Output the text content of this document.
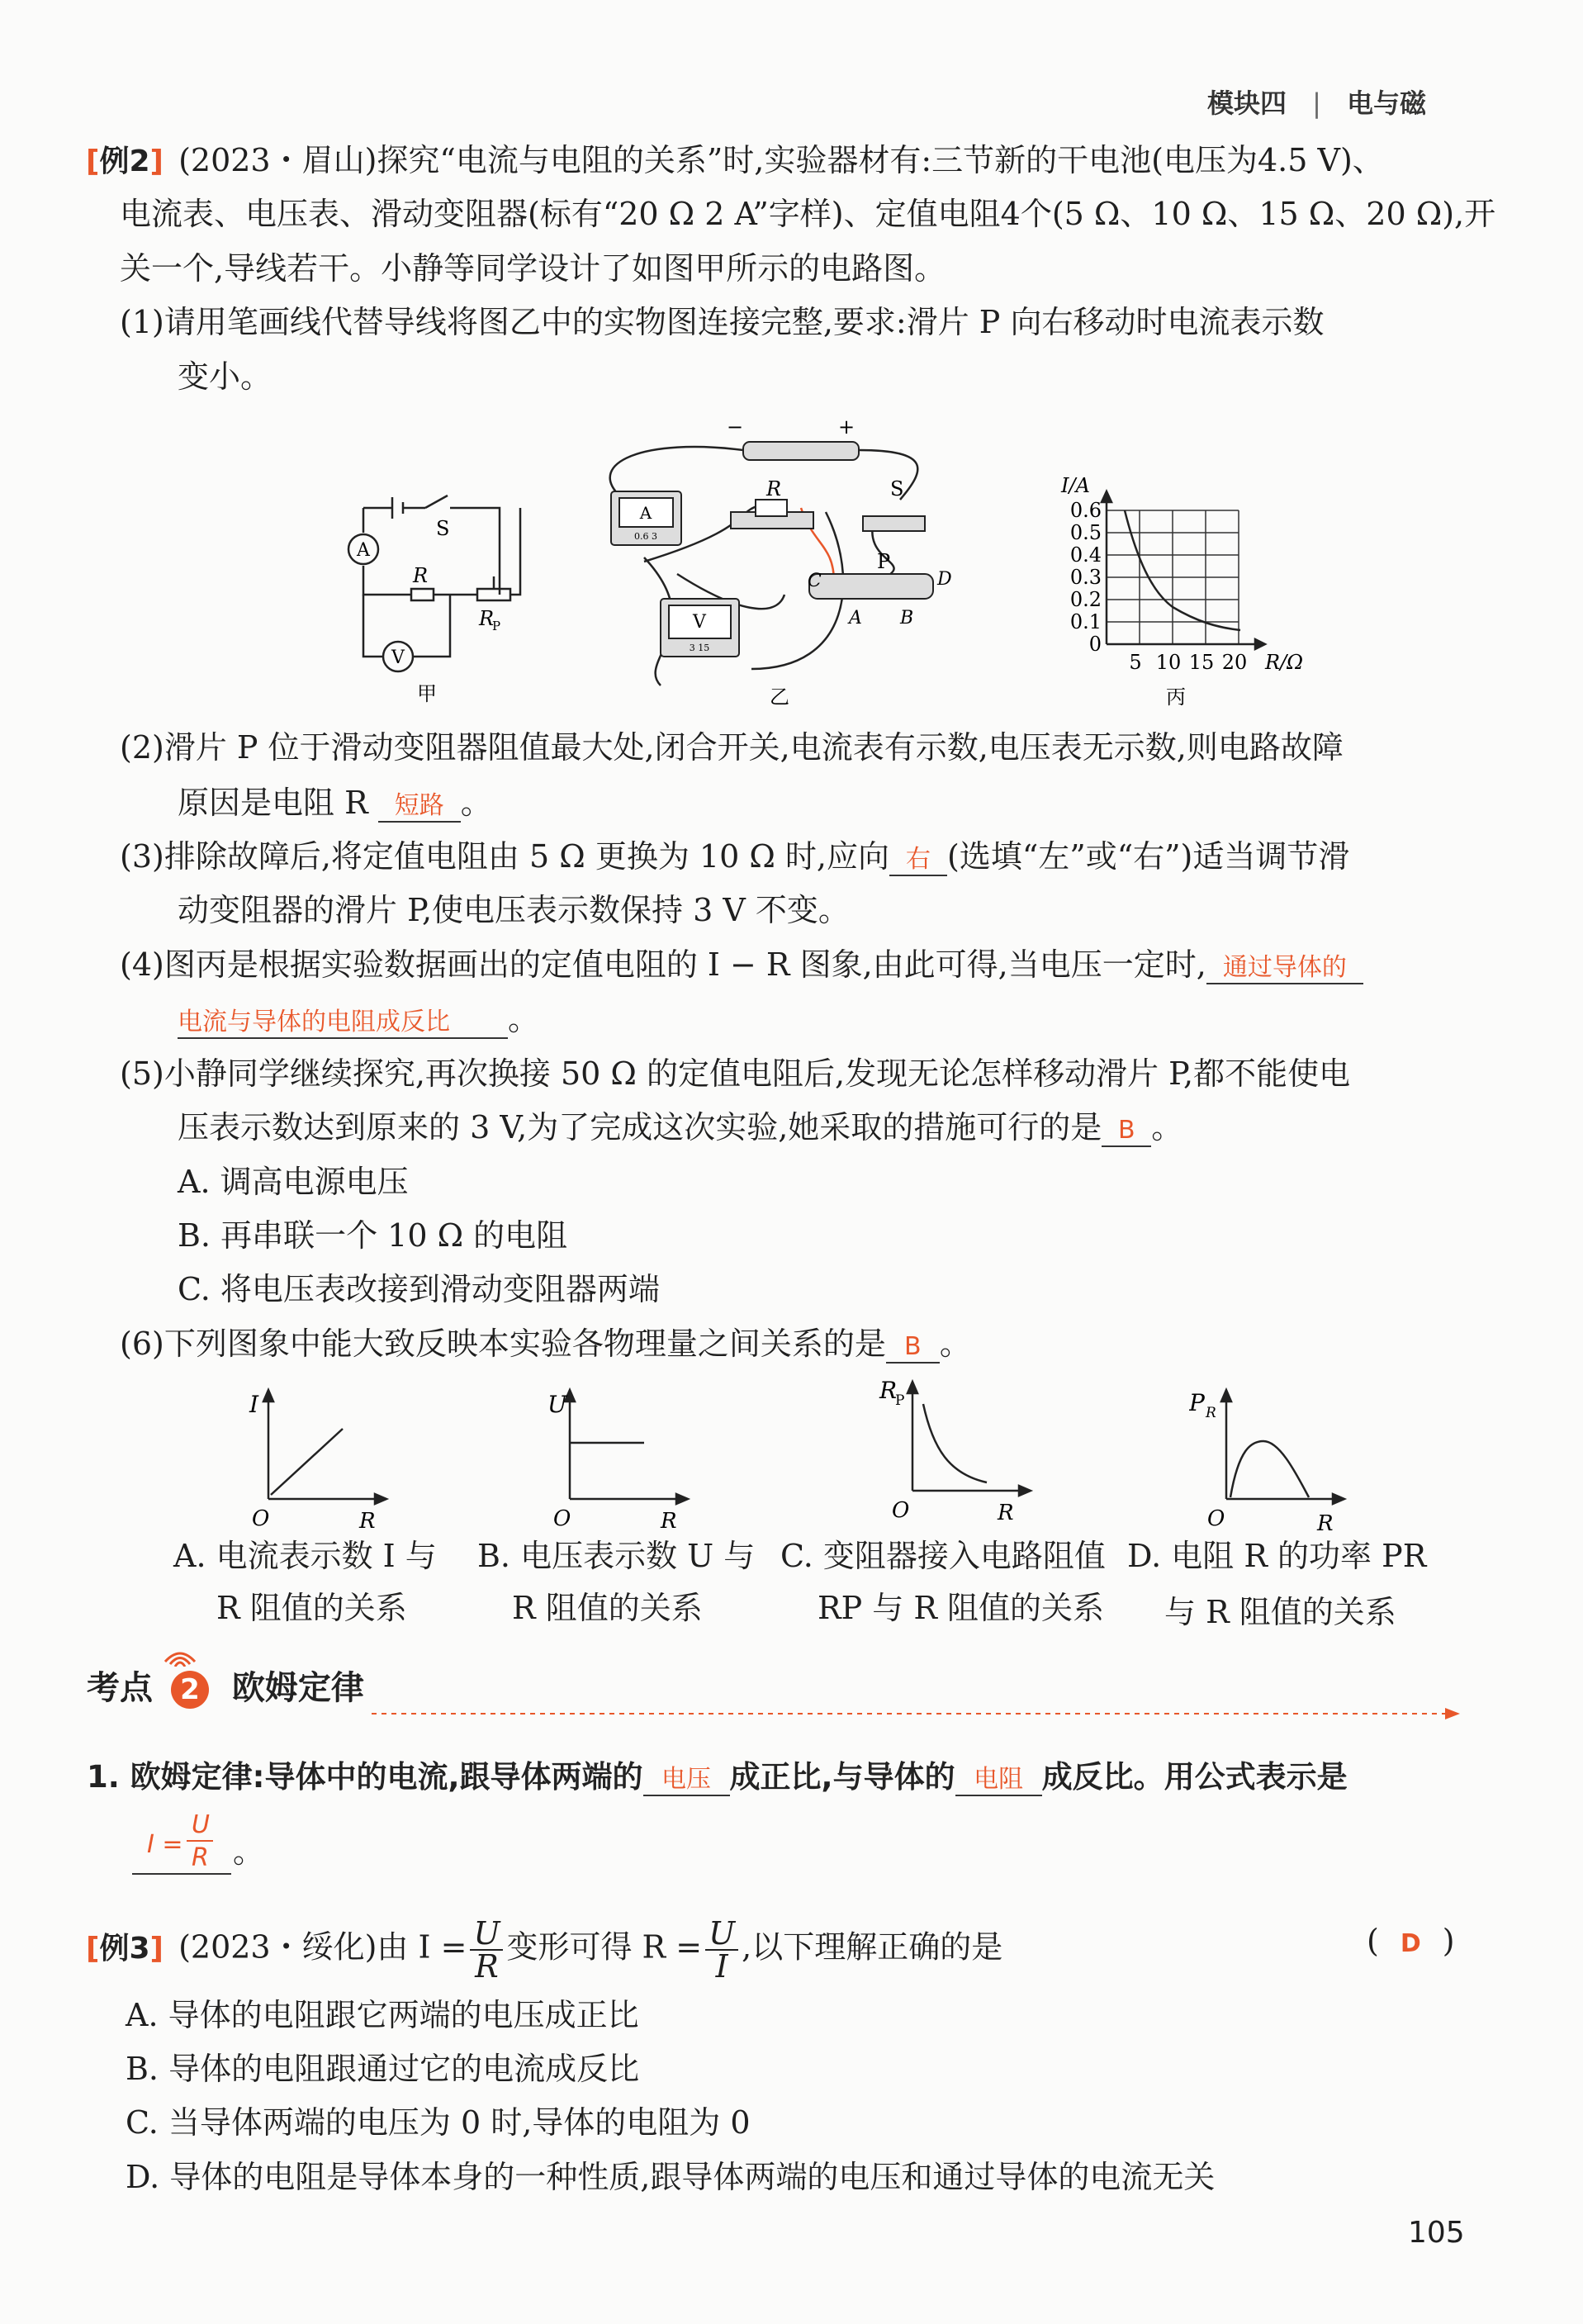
模块四 | 电与磁
[例2] (2023・眉山)探究“电流与电阻的关系”时,实验器材有:三节新的干电池(电压为4.5 V)、
电流表、电压表、滑动变阻器(标有“20 Ω 2 A”字样)、定值电阻4个(5 Ω、10 Ω、15 Ω、20 Ω),开
关一个,导线若干。小静等同学设计了如图甲所示的电路图。
(1)请用笔画线代替导线将图乙中的实物图连接完整,要求:滑片 P 向右移动时电流表示数
变小。
A
V
S
R
R
P
甲
−	+
A
0.6 3
V
3 15
R	S
P
C	D
A B
乙
I/A
0.6
0.5
0.4
0.3
0.2
0.1
0
5 10 15 20 R/Ω
丙
(2)滑片 P 位于滑动变阻器阻值最大处,闭合开关,电流表有示数,电压表无示数,则电路故障
原因是电阻 R 短路 。
(3)排除故障后,将定值电阻由 5 Ω 更换为 10 Ω 时,应向 右 (选填“左”或“右”)适当调节滑
动变阻器的滑片 P,使电压表示数保持 3 V 不变。
(4)图丙是根据实验数据画出的定值电阻的 I − R 图象,由此可得,当电压一定时, 通过导体的
电流与导体的电阻成反比 。
(5)小静同学继续探究,再次换接 50 Ω 的定值电阻后,发现无论怎样移动滑片 P,都不能使电
压表示数达到原来的 3 V,为了完成这次实验,她采取的措施可行的是 B 。
A. 调高电源电压
B. 再串联一个 10 Ω 的电阻
C. 将电压表改接到滑动变阻器两端
(6)下列图象中能大致反映本实验各物理量之间关系的是 B 。
I
O	R
U
O	R
R
P
O	R
P R
O	R
A. 电流表示数 I 与
R 阻值的关系
B. 电压表示数 U 与
R 阻值的关系
C. 变阻器接入电路阻值
RP 与 R 阻值的关系
D. 电阻 R 的功率 PR
与 R 阻值的关系
考点 2 欧姆定律
1. 欧姆定律:导体中的电流,跟导体两端的 电压 成正比,与导体的 电阻 成反比。用公式表示是
I =
U
R 。
[例3] (2023・绥化)由 $I = \frac{U}{R}$ 变形可得 $R = \frac{U}{I}$ ,以下理解正确的是	( D )
A. 导体的电阻跟它两端的电压成正比
B. 导体的电阻跟通过它的电流成反比
C. 当导体两端的电压为 0 时,导体的电阻为 0
D. 导体的电阻是导体本身的一种性质,跟导体两端的电压和通过导体的电流无关
105
